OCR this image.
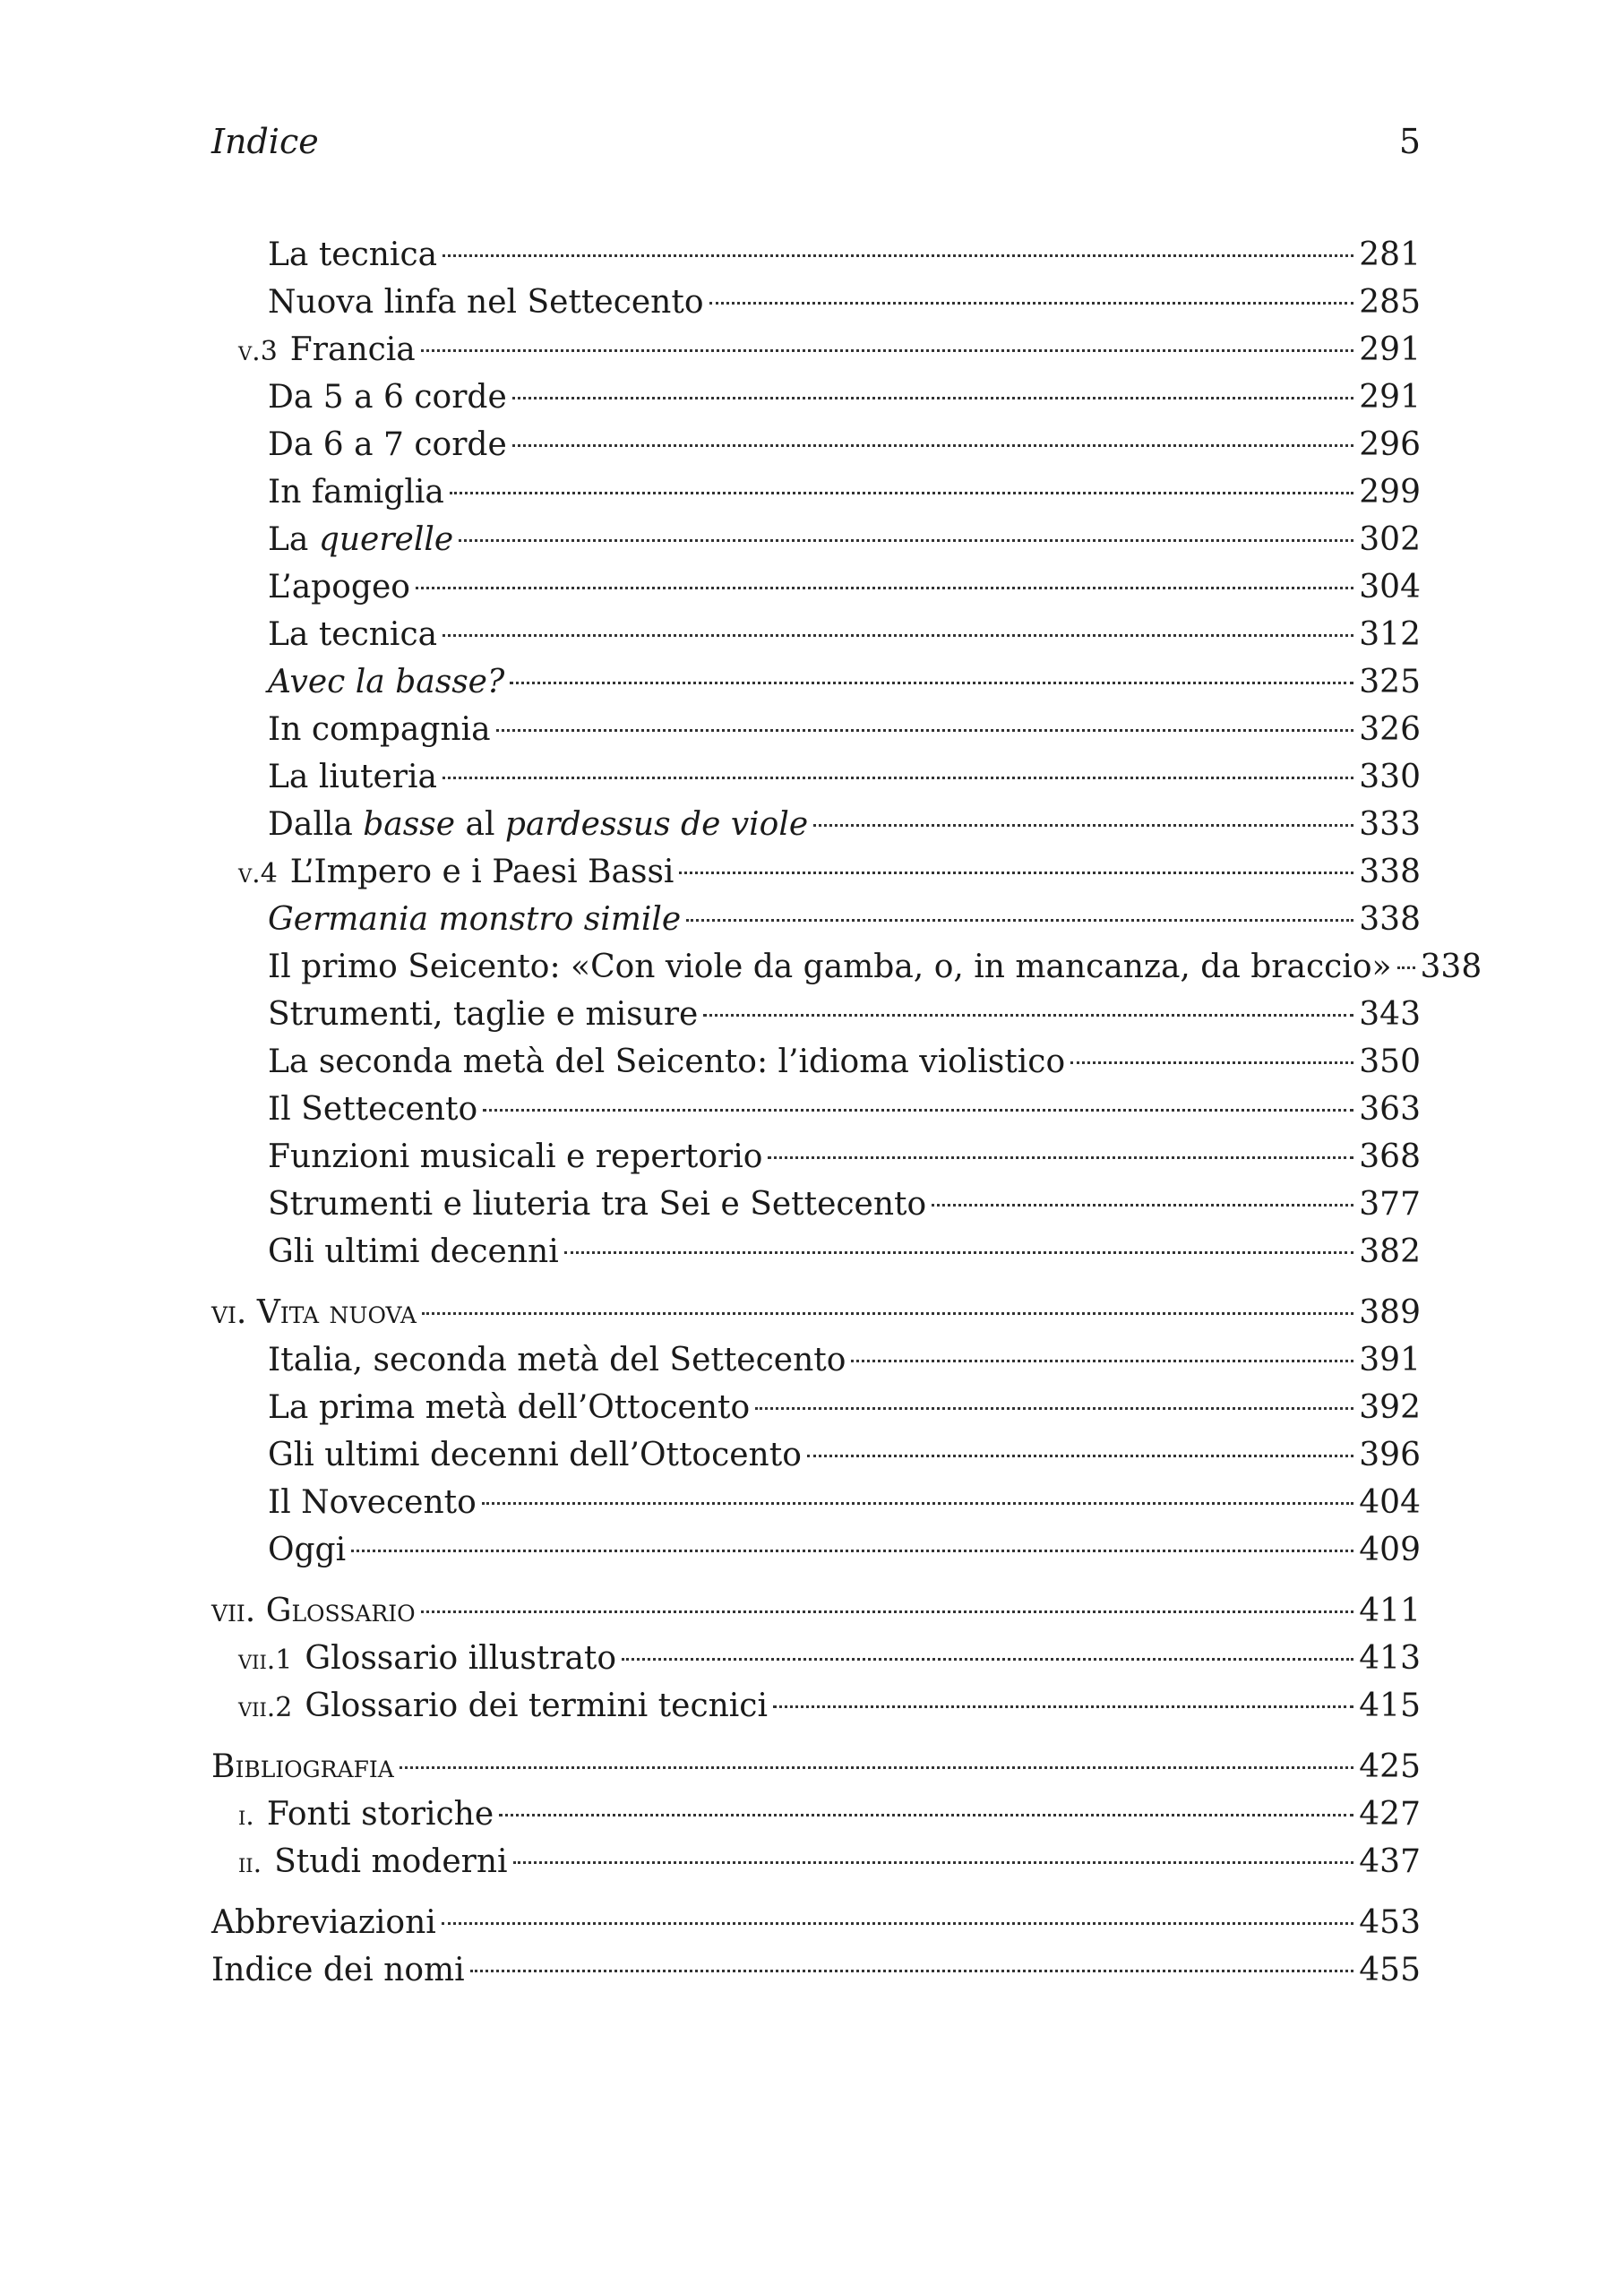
Indice	5
La tecnica	281
Nuova linfa nel Settecento	285
v.3 Francia	291
Da 5 a 6 corde	291
Da 6 a 7 corde	296
In famiglia	299
La querelle	302
L’apogeo	304
La tecnica	312
Avec la basse?	325
In compagnia	326
La liuteria	330
Dalla basse al pardessus de viole	333
v.4 L’Impero e i Paesi Bassi	338
Germania monstro simile	338
Il primo Seicento: «Con viole da gamba, o, in mancanza, da braccio» 338
Strumenti, taglie e misure	343
La seconda metà del Seicento: l’idioma violistico	350
Il Settecento	363
Funzioni musicali e repertorio	368
Strumenti e liuteria tra Sei e Settecento	377
Gli ultimi decenni	382
vi. Vita nuova	389
Italia, seconda metà del Settecento	391
La prima metà dell’Ottocento	392
Gli ultimi decenni dell’Ottocento	396
Il Novecento	404
Oggi	409
vii. Glossario	411
vii.1 Glossario illustrato	413
vii.2 Glossario dei termini tecnici	415
Bibliografia	425
i. Fonti storiche	427
ii. Studi moderni	437
Abbreviazioni	453
Indice dei nomi	455
